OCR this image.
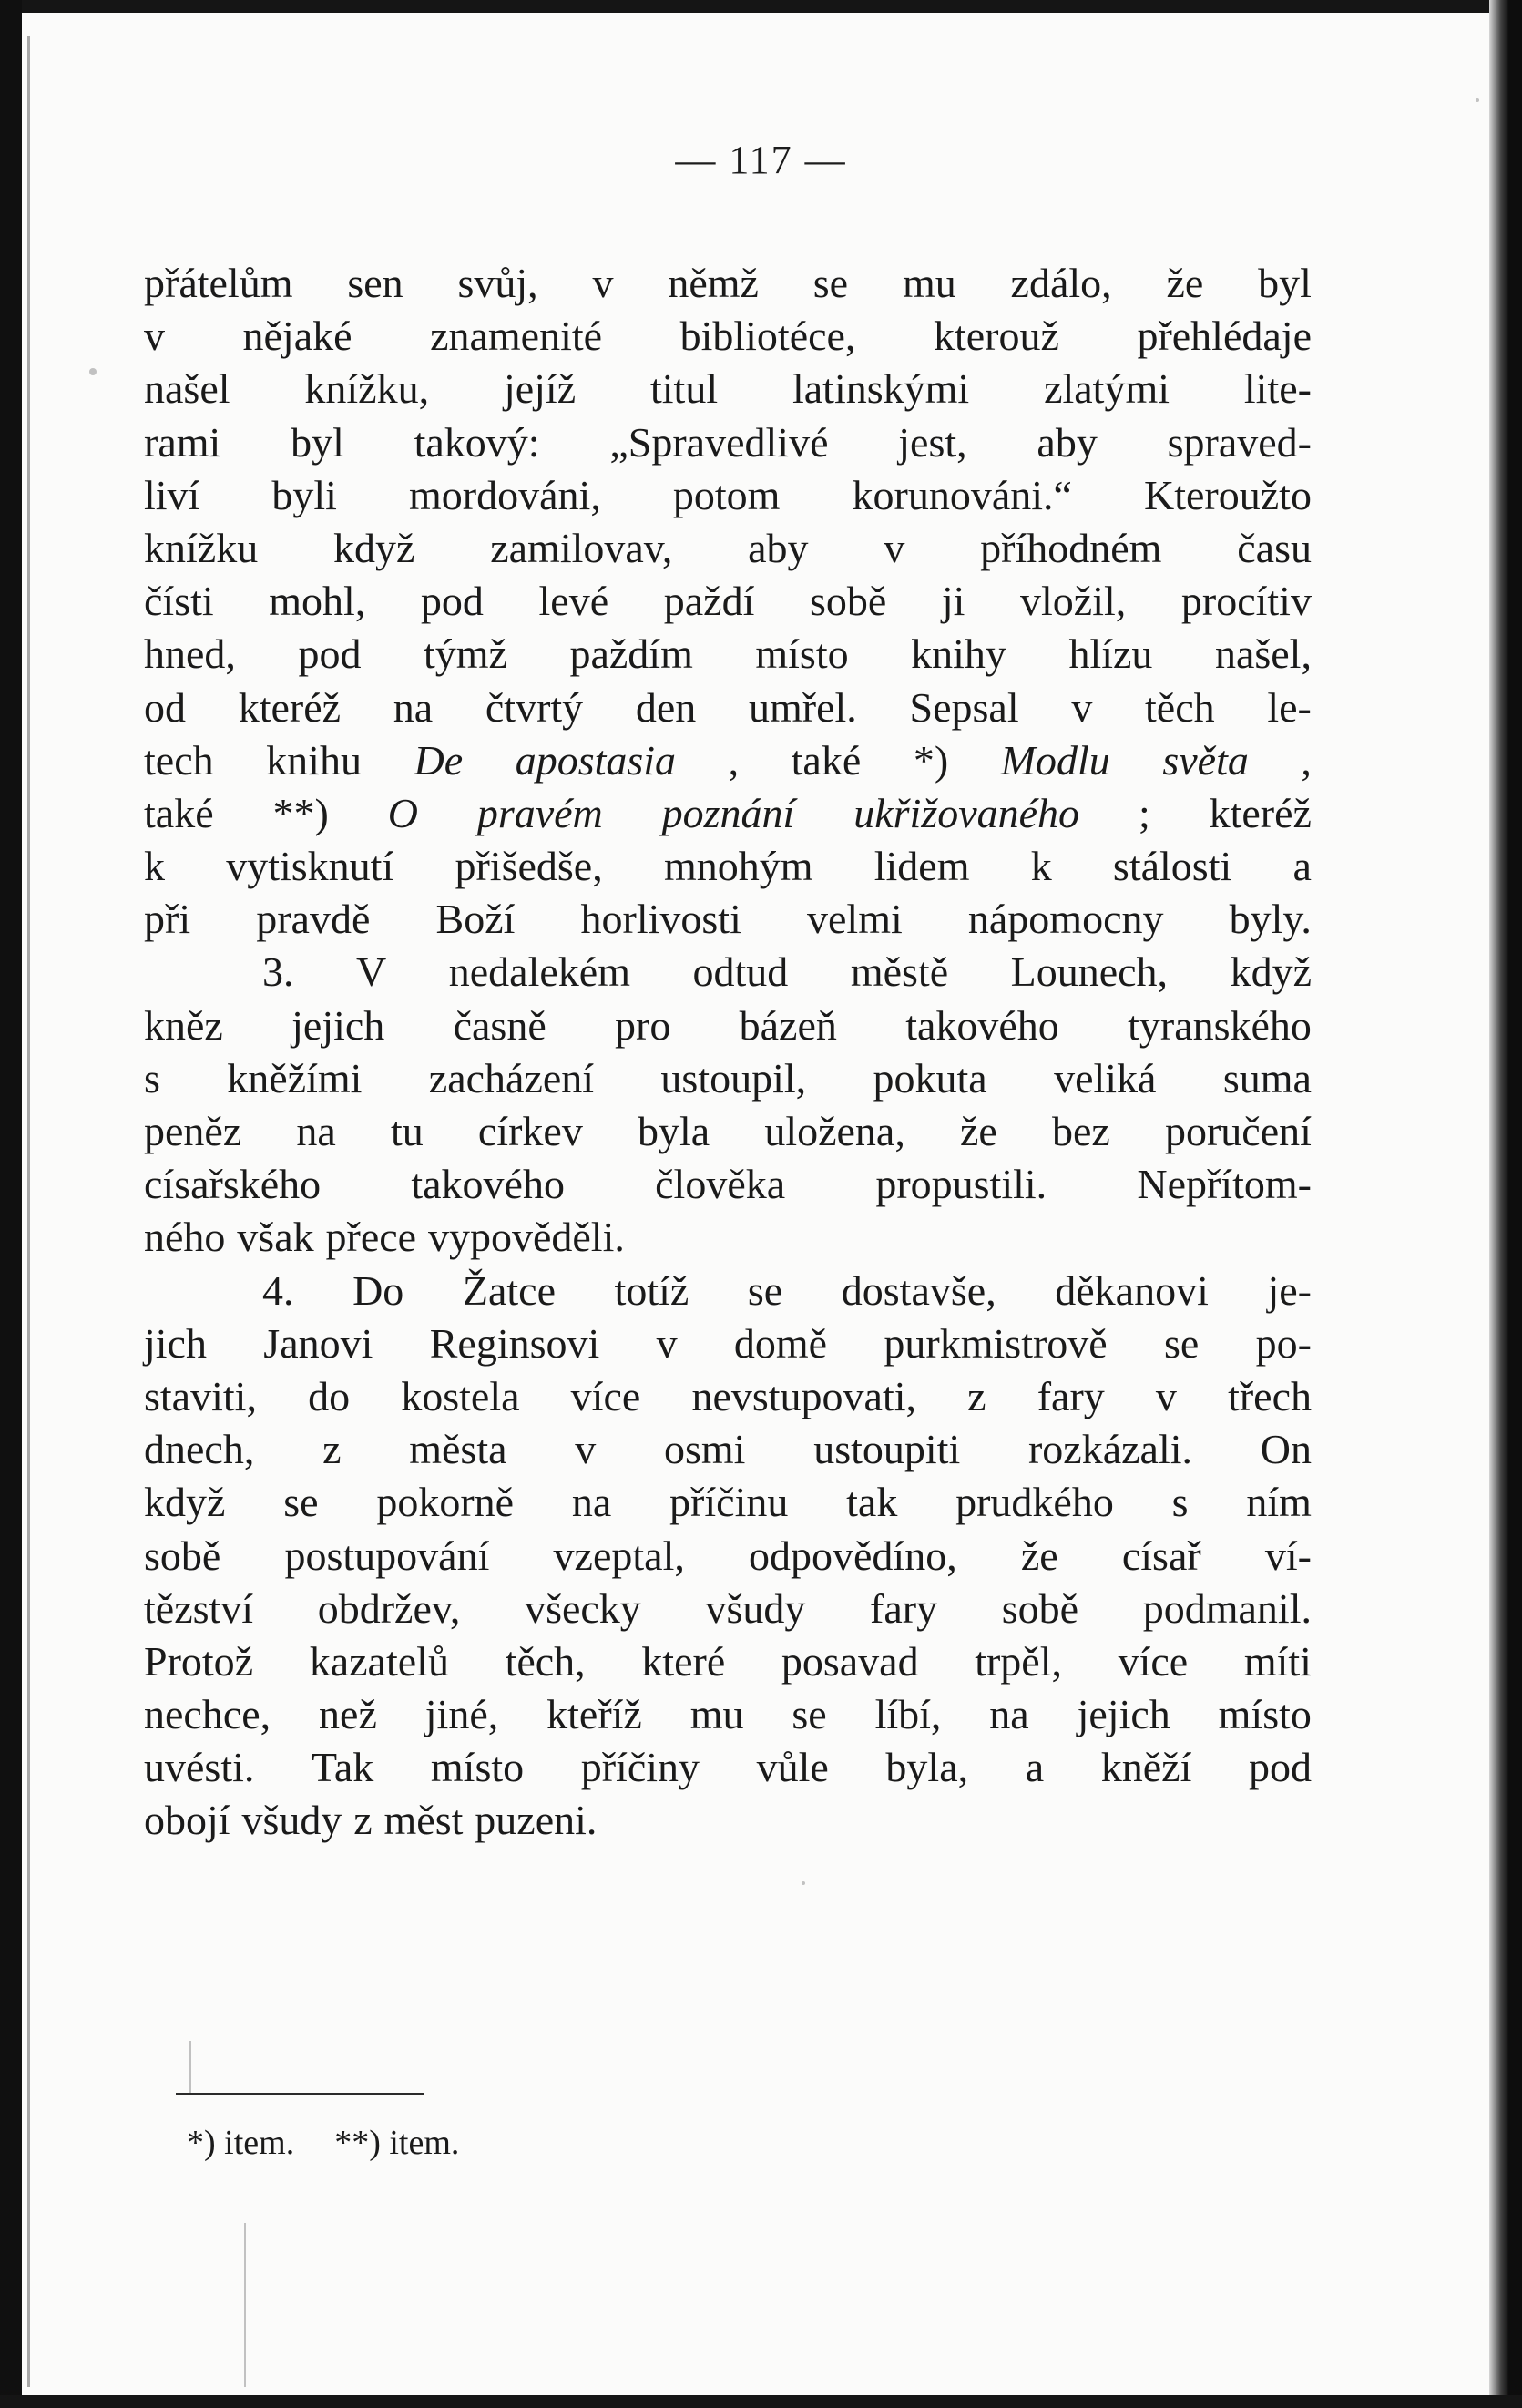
— 117 —
přátelům sen svůj, v němž se mu zdálo, že byl
v nějaké znamenité bibliotéce, kterouž přehlédaje
našel knížku, jejíž titul latinskými zlatými lite-
rami byl takový: „Spravedlivé jest, aby spraved-
liví byli mordováni, potom korunováni.“ Kteroužto
knížku když zamilovav, aby v příhodném času
čísti mohl, pod levé paždí sobě ji vložil, procítiv
hned, pod týmž paždím místo knihy hlízu našel,
od kteréž na čtvrtý den umřel. Sepsal v těch le-
tech knihu De apostasia , také *) Modlu světa ,
také **) O pravém poznání ukřižovaného ; kteréž
k vytisknutí přišedše, mnohým lidem k stálosti a
při pravdě Boží horlivosti velmi nápomocny byly.
3. V nedalekém odtud městě Lounech, když
kněz jejich časně pro bázeň takového tyranského
s kněžími zacházení ustoupil, pokuta veliká suma
peněz na tu církev byla uložena, že bez poručení
císařského takového člověka propustili. Nepřítom-
ného však přece vypověděli.
4. Do Žatce totíž se dostavše, děkanovi je-
jich Janovi Reginsovi v domě purkmistrově se po-
staviti, do kostela více nevstupovati, z fary v třech
dnech, z města v osmi ustoupiti rozkázali. On
když se pokorně na příčinu tak prudkého s ním
sobě postupování vzeptal, odpovědíno, že císař ví-
tězství obdržev, všecky všudy fary sobě podmanil.
Protož kazatelů těch, které posavad trpěl, více míti
nechce, než jiné, kteříž mu se líbí, na jejich místo
uvésti. Tak místo příčiny vůle byla, a kněží pod
obojí všudy z měst puzeni.
*) item. **) item.
